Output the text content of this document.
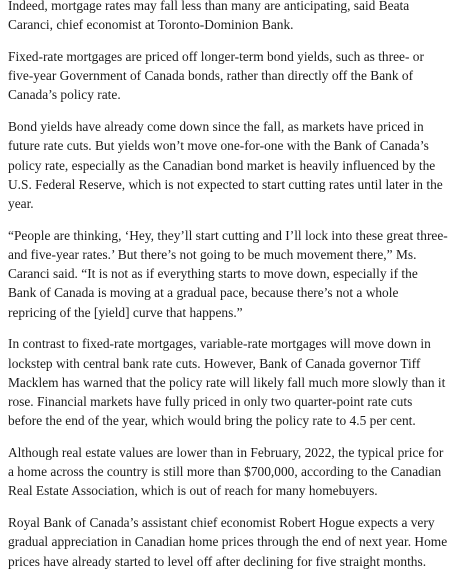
Indeed, mortgage rates may fall less than many are anticipating, said Beata Caranci, chief economist at Toronto-Dominion Bank.

Fixed-rate mortgages are priced off longer-term bond yields, such as three- or five-year Government of Canada bonds, rather than directly off the Bank of Canada’s policy rate.

Bond yields have already come down since the fall, as markets have priced in future rate cuts. But yields won’t move one-for-one with the Bank of Canada’s policy rate, especially as the Canadian bond market is heavily influenced by the U.S. Federal Reserve, which is not expected to start cutting rates until later in the year.

“People are thinking, ‘Hey, they’ll start cutting and I’ll lock into these great three- and five-year rates.’ But there’s not going to be much movement there,” Ms. Caranci said. “It is not as if everything starts to move down, especially if the Bank of Canada is moving at a gradual pace, because there’s not a whole repricing of the [yield] curve that happens.”

In contrast to fixed-rate mortgages, variable-rate mortgages will move down in lockstep with central bank rate cuts. However, Bank of Canada governor Tiff Macklem has warned that the policy rate will likely fall much more slowly than it rose. Financial markets have fully priced in only two quarter-point rate cuts before the end of the year, which would bring the policy rate to 4.5 per cent.

Although real estate values are lower than in February, 2022, the typical price for a home across the country is still more than $700,000, according to the Canadian Real Estate Association, which is out of reach for many homebuyers.

Royal Bank of Canada’s assistant chief economist Robert Hogue expects a very gradual appreciation in Canadian home prices through the end of next year. Home prices have already started to level off after declining for five straight months.
